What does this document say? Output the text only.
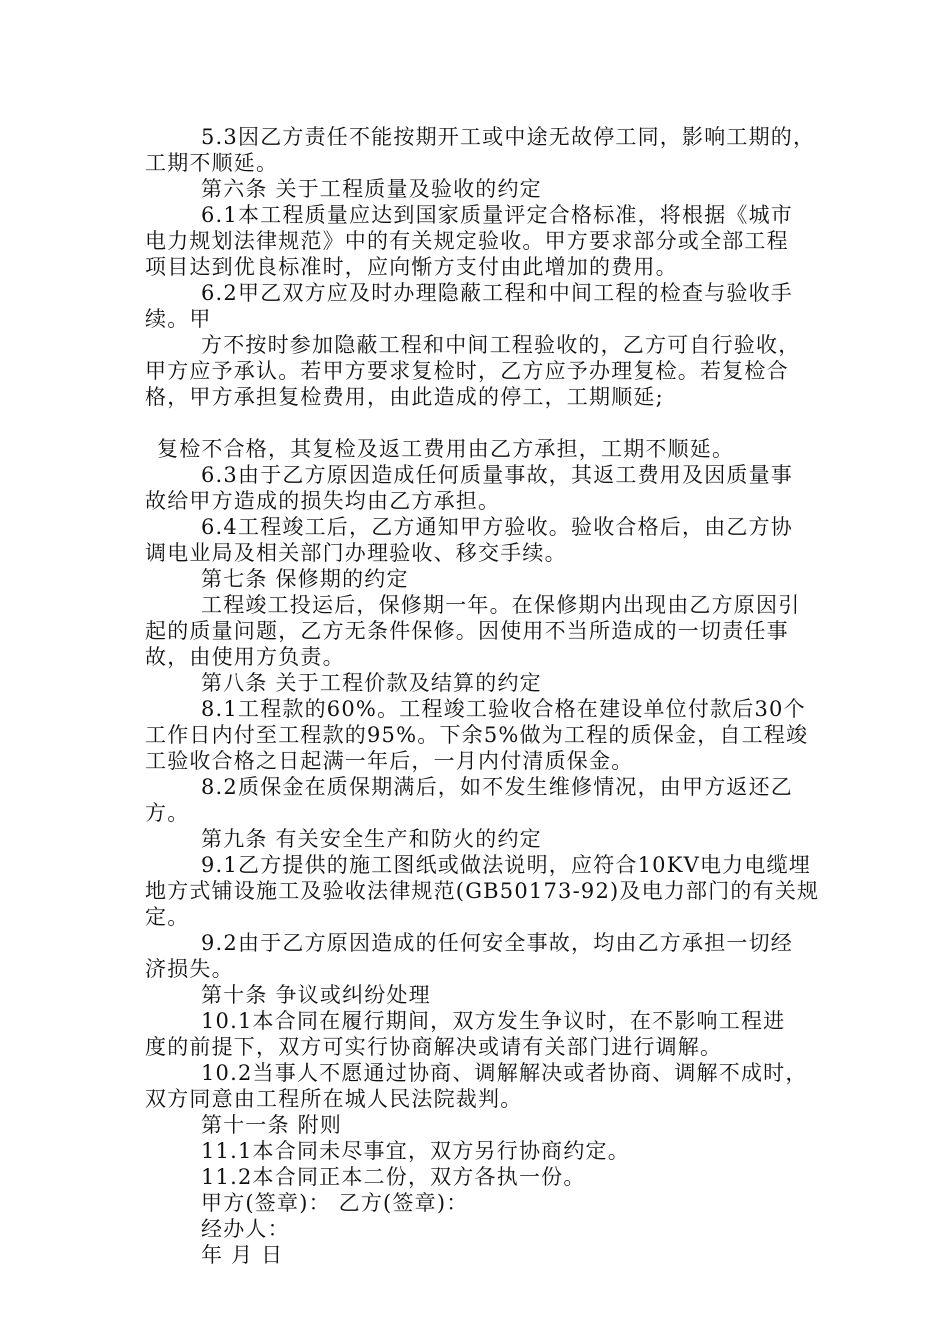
5.3因乙方责任不能按期开工或中途无故停工同，影响工期的，
工期不顺延。
第六条 关于工程质量及验收的约定
6.1本工程质量应达到国家质量评定合格标准，将根据《城市
电力规划法律规范》中的有关规定验收。甲方要求部分或全部工程
项目达到优良标准时，应向惭方支付由此增加的费用。
6.2甲乙双方应及时办理隐蔽工程和中间工程的检查与验收手
续。甲
方不按时参加隐蔽工程和中间工程验收的，乙方可自行验收，
甲方应予承认。若甲方要求复检时，乙方应予办理复检。若复检合
格，甲方承担复检费用，由此造成的停工，工期顺延;
复检不合格，其复检及返工费用由乙方承担，工期不顺延。
6.3由于乙方原因造成任何质量事故，其返工费用及因质量事
故给甲方造成的损失均由乙方承担。
6.4工程竣工后，乙方通知甲方验收。验收合格后，由乙方协
调电业局及相关部门办理验收、移交手续。
第七条 保修期的约定
工程竣工投运后，保修期一年。在保修期内出现由乙方原因引
起的质量问题，乙方无条件保修。因使用不当所造成的一切责任事
故，由使用方负责。
第八条 关于工程价款及结算的约定
8.1工程款的60%。工程竣工验收合格在建设单位付款后30个
工作日内付至工程款的95%。下余5%做为工程的质保金，自工程竣
工验收合格之日起满一年后，一月内付清质保金。
8.2质保金在质保期满后，如不发生维修情况，由甲方返还乙
方。
第九条 有关安全生产和防火的约定
9.1乙方提供的施工图纸或做法说明，应符合10KV电力电缆埋
地方式铺设施工及验收法律规范(GB50173-92)及电力部门的有关规
定。
9.2由于乙方原因造成的任何安全事故，均由乙方承担一切经
济损失。
第十条 争议或纠纷处理
10.1本合同在履行期间，双方发生争议时，在不影响工程进
度的前提下，双方可实行协商解决或请有关部门进行调解。
10.2当事人不愿通过协商、调解解决或者协商、调解不成时，
双方同意由工程所在城人民法院裁判。
第十一条 附则
11.1本合同未尽事宜，双方另行协商约定。
11.2本合同正本二份，双方各执一份。
甲方(签章)： 乙方(签章)：
经办人：
年 月 日
